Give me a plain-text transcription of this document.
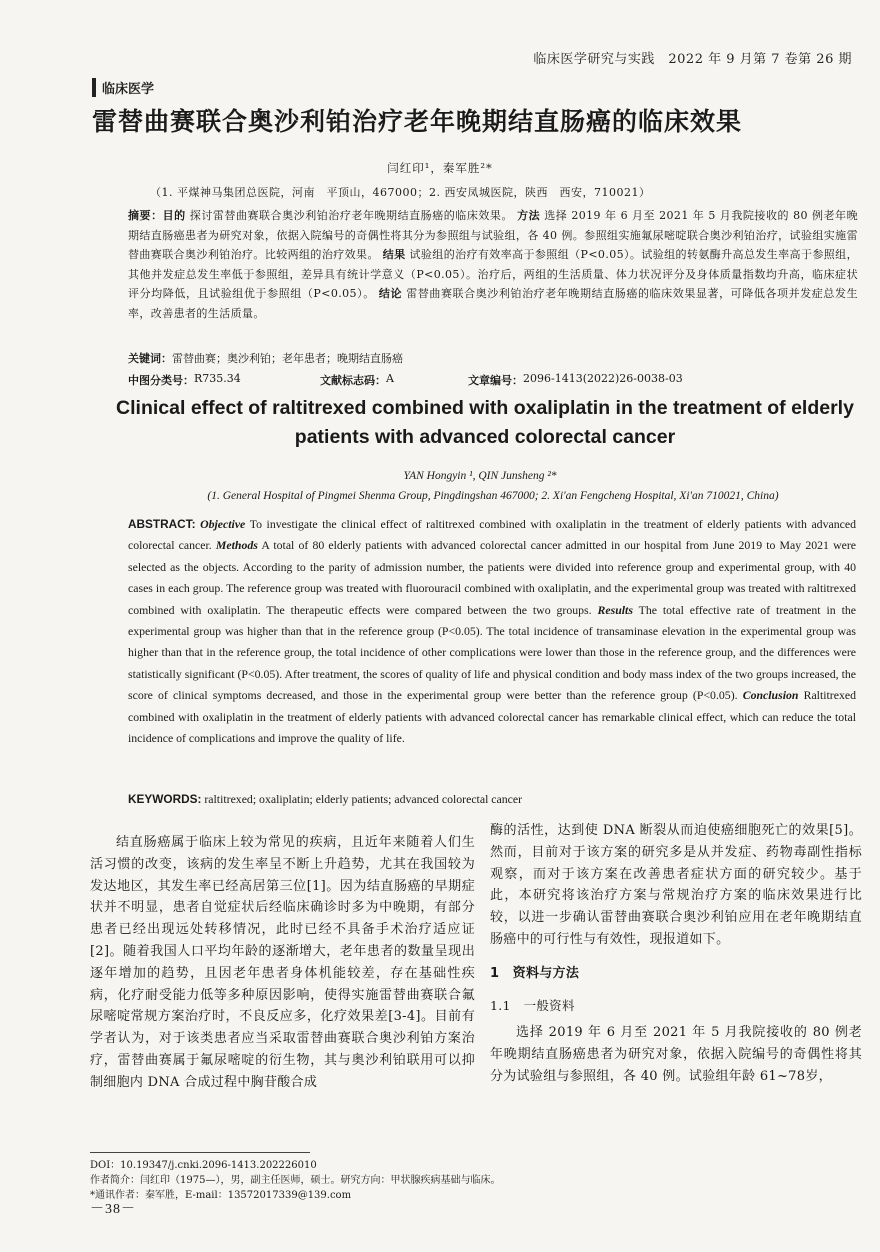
临床医学研究与实践　2022 年 9 月第 7 卷第 26 期
临床医学
雷替曲赛联合奥沙利铂治疗老年晚期结直肠癌的临床效果
闫红印¹，秦军胜²*
（1. 平煤神马集团总医院，河南　平顶山，467000；2. 西安凤城医院，陕西　西安，710021）
摘要：目的 探讨雷替曲赛联合奥沙利铂治疗老年晚期结直肠癌的临床效果。 方法 选择 2019 年 6 月至 2021 年 5 月我院接收的 80 例老年晚期结直肠癌患者为研究对象，依据入院编号的奇偶性将其分为参照组与试验组，各 40 例。参照组实施氟尿嘧啶联合奥沙利铂治疗，试验组实施雷替曲赛联合奥沙利铂治疗。比较两组的治疗效果。 结果 试验组的治疗有效率高于参照组（P<0.05）。试验组的转氨酶升高总发生率高于参照组，其他并发症总发生率低于参照组，差异具有统计学意义（P<0.05）。治疗后，两组的生活质量、体力状况评分及身体质量指数均升高，临床症状评分均降低，且试验组优于参照组（P<0.05）。 结论 雷替曲赛联合奥沙利铂治疗老年晚期结直肠癌的临床效果显著，可降低各项并发症总发生率，改善患者的生活质量。
关键词：雷替曲赛；奥沙利铂；老年患者；晚期结直肠癌
中图分类号： R735.34	文献标志码： A	文章编号： 2096-1413(2022)26-0038-03
Clinical effect of raltitrexed combined with oxaliplatin in the treatment of elderly patients with advanced colorectal cancer
YAN Hongyin ¹, QIN Junsheng ²*
(1. General Hospital of Pingmei Shenma Group, Pingdingshan 467000; 2. Xi'an Fengcheng Hospital, Xi'an 710021, China)
ABSTRACT: Objective To investigate the clinical effect of raltitrexed combined with oxaliplatin in the treatment of elderly patients with advanced colorectal cancer. Methods A total of 80 elderly patients with advanced colorectal cancer admitted in our hospital from June 2019 to May 2021 were selected as the objects. According to the parity of admission number, the patients were divided into reference group and experimental group, with 40 cases in each group. The reference group was treated with fluorouracil combined with oxaliplatin, and the experimental group was treated with raltitrexed combined with oxaliplatin. The therapeutic effects were compared between the two groups. Results The total effective rate of treatment in the experimental group was higher than that in the reference group (P<0.05). The total incidence of transaminase elevation in the experimental group was higher than that in the reference group, the total incidence of other complications were lower than those in the reference group, and the differences were statistically significant (P<0.05). After treatment, the scores of quality of life and physical condition and body mass index of the two groups increased, the score of clinical symptoms decreased, and those in the experimental group were better than the reference group (P<0.05). Conclusion Raltitrexed combined with oxaliplatin in the treatment of elderly patients with advanced colorectal cancer has remarkable clinical effect, which can reduce the total incidence of complications and improve the quality of life.
KEYWORDS: raltitrexed; oxaliplatin; elderly patients; advanced colorectal cancer

结直肠癌属于临床上较为常见的疾病，且近年来随着人们生活习惯的改变，该病的发生率呈不断上升趋势，尤其在我国较为发达地区，其发生率已经高居第三位[1]。因为结直肠癌的早期症状并不明显，患者自觉症状后经临床确诊时多为中晚期，有部分患者已经出现远处转移情况，此时已经不具备手术治疗适应证[2]。随着我国人口平均年龄的逐渐增大，老年患者的数量呈现出逐年增加的趋势，且因老年患者身体机能较差，存在基础性疾病，化疗耐受能力低等多种原因影响，使得实施雷替曲赛联合氟尿嘧啶常规方案治疗时，不良反应多，化疗效果差[3-4]。目前有学者认为，对于该类患者应当采取雷替曲赛联合奥沙利铂方案治疗，雷替曲赛属于氟尿嘧啶的衍生物，其与奥沙利铂联用可以抑制细胞内 DNA 合成过程中胸苷酸合成

酶的活性，达到使 DNA 断裂从而迫使癌细胞死亡的效果[5]。然而，目前对于该方案的研究多是从并发症、药物毒副性指标观察，而对于该方案在改善患者症状方面的研究较少。基于此，本研究将该治疗方案与常规治疗方案的临床效果进行比较，以进一步确认雷替曲赛联合奥沙利铂应用在老年晚期结直肠癌中的可行性与有效性，现报道如下。

1　资料与方法
1.1　一般资料

选择 2019 年 6 月至 2021 年 5 月我院接收的 80 例老年晚期结直肠癌患者为研究对象，依据入院编号的奇偶性将其分为试验组与参照组，各 40 例。试验组年龄 61~78岁，

DOI：10.19347/j.cnki.2096-1413.202226010
作者简介：闫红印（1975—），男，副主任医师，硕士。研究方向：甲状腺疾病基础与临床。
*通讯作者：秦军胜，E-mail：13572017339@139.com
－38－
